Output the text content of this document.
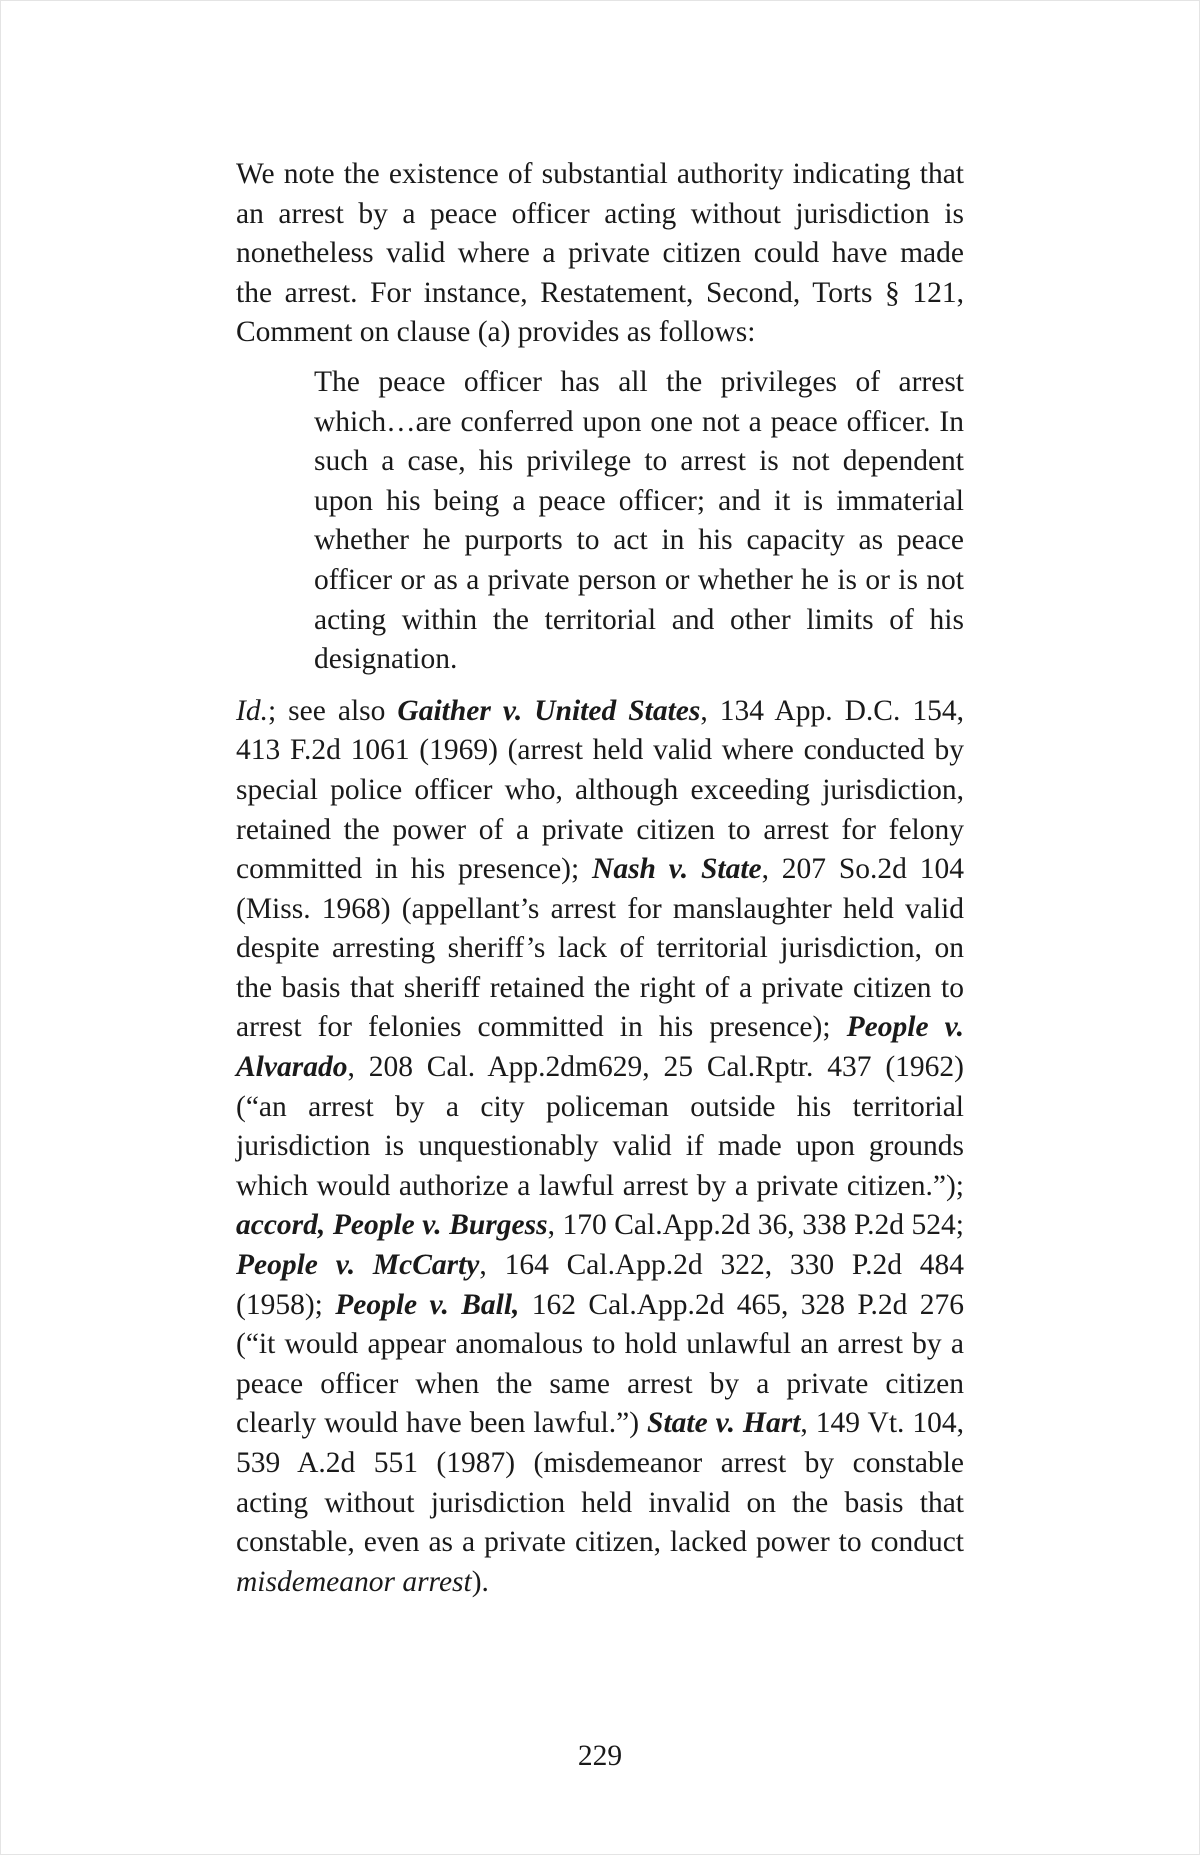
We note the existence of substantial authority indicating that an arrest by a peace officer acting without jurisdiction is nonetheless valid where a private citizen could have made the arrest. For instance, Restatement, Second, Torts § 121, Comment on clause (a) provides as follows:

The peace officer has all the privileges of arrest which…are conferred upon one not a peace officer. In such a case, his privilege to arrest is not dependent upon his being a peace officer; and it is immaterial whether he purports to act in his capacity as peace officer or as a private person or whether he is or is not acting within the territorial and other limits of his designation.

Id.; see also Gaither v. United States, 134 App. D.C. 154, 413 F.2d 1061 (1969) (arrest held valid where conducted by special police officer who, although exceeding jurisdiction, retained the power of a private citizen to arrest for felony committed in his presence); Nash v. State, 207 So.2d 104 (Miss. 1968) (appellant’s arrest for manslaughter held valid despite arresting sheriff’s lack of territorial jurisdiction, on the basis that sheriff retained the right of a private citizen to arrest for felonies committed in his presence); People v. Alvarado, 208 Cal. App.2dm629, 25 Cal.Rptr. 437 (1962) (“an arrest by a city policeman outside his territorial jurisdiction is unquestionably valid if made upon grounds which would authorize a lawful arrest by a private citizen.”); accord, People v. Burgess, 170 Cal.App.2d 36, 338 P.2d 524; People v. McCarty, 164 Cal.App.2d 322, 330 P.2d 484 (1958); People v. Ball, 162 Cal.App.2d 465, 328 P.2d 276 (“it would appear anomalous to hold unlawful an arrest by a peace officer when the same arrest by a private citizen clearly would have been lawful.”) State v. Hart, 149 Vt. 104, 539 A.2d 551 (1987) (misdemeanor arrest by constable acting without jurisdiction held invalid on the basis that constable, even as a private citizen, lacked power to conduct misdemeanor arrest).

229
